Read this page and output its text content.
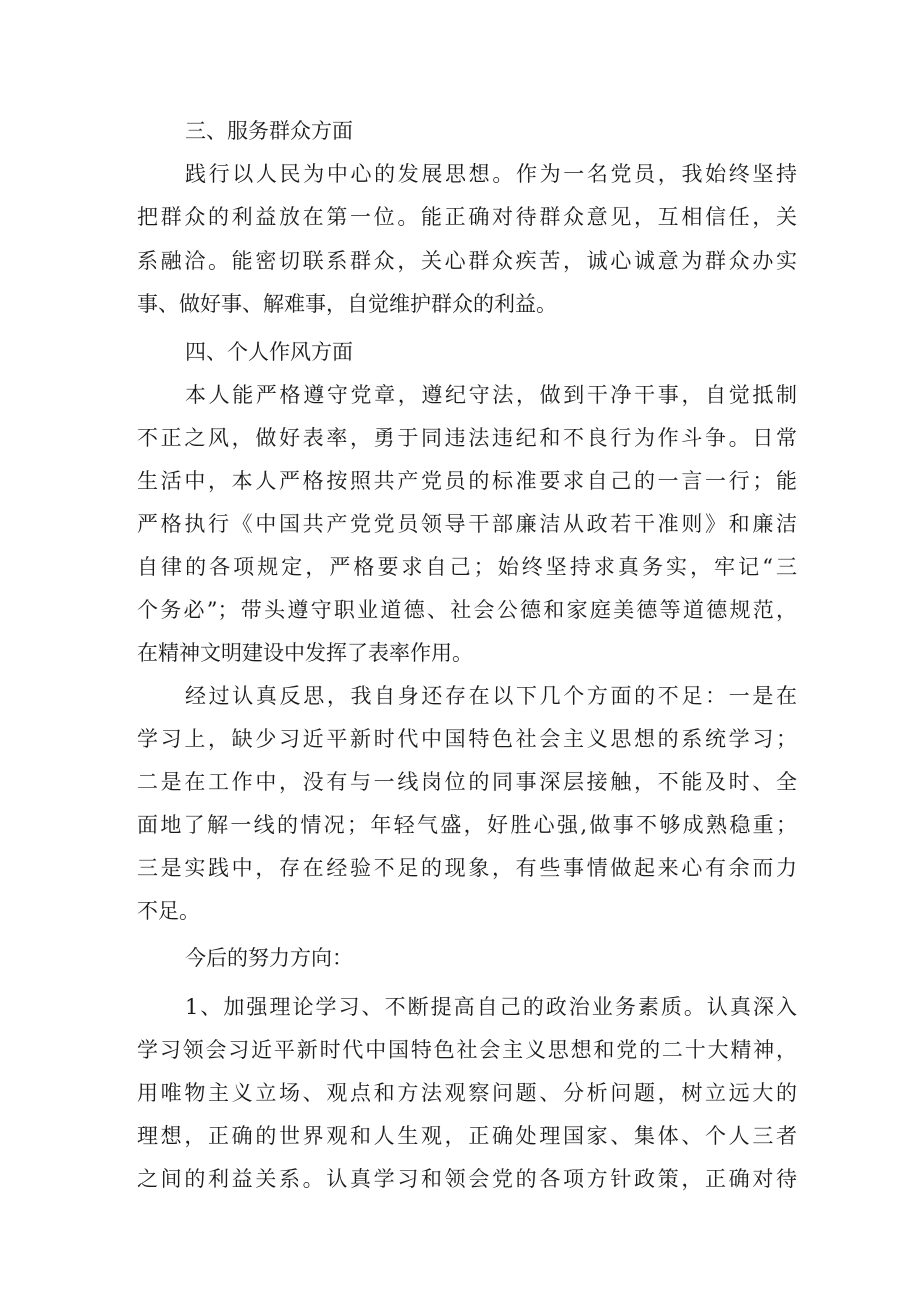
三、服务群众方面
践行以人民为中心的发展思想。作为一名党员，我始终坚持
把群众的利益放在第一位。能正确对待群众意见，互相信任，关
系融洽。能密切联系群众，关心群众疾苦，诚心诚意为群众办实
事、做好事、解难事，自觉维护群众的利益。
四、个人作风方面
本人能严格遵守党章，遵纪守法，做到干净干事，自觉抵制
不正之风，做好表率，勇于同违法违纪和不良行为作斗争。日常
生活中，本人严格按照共产党员的标准要求自己的一言一行；能
严格执行《中国共产党党员领导干部廉洁从政若干准则》和廉洁
自律的各项规定，严格要求自己；始终坚持求真务实，牢记“三
个务必”；带头遵守职业道德、社会公德和家庭美德等道德规范，
在精神文明建设中发挥了表率作用。
经过认真反思，我自身还存在以下几个方面的不足：一是在
学习上，缺少习近平新时代中国特色社会主义思想的系统学习；
二是在工作中，没有与一线岗位的同事深层接触，不能及时、全
面地了解一线的情况；年轻气盛，好胜心强,做事不够成熟稳重；
三是实践中，存在经验不足的现象，有些事情做起来心有余而力
不足。
今后的努力方向：
1、加强理论学习、不断提高自己的政治业务素质。认真深入
学习领会习近平新时代中国特色社会主义思想和党的二十大精神，
用唯物主义立场、观点和方法观察问题、分析问题，树立远大的
理想，正确的世界观和人生观，正确处理国家、集体、个人三者
之间的利益关系。认真学习和领会党的各项方针政策，正确对待
